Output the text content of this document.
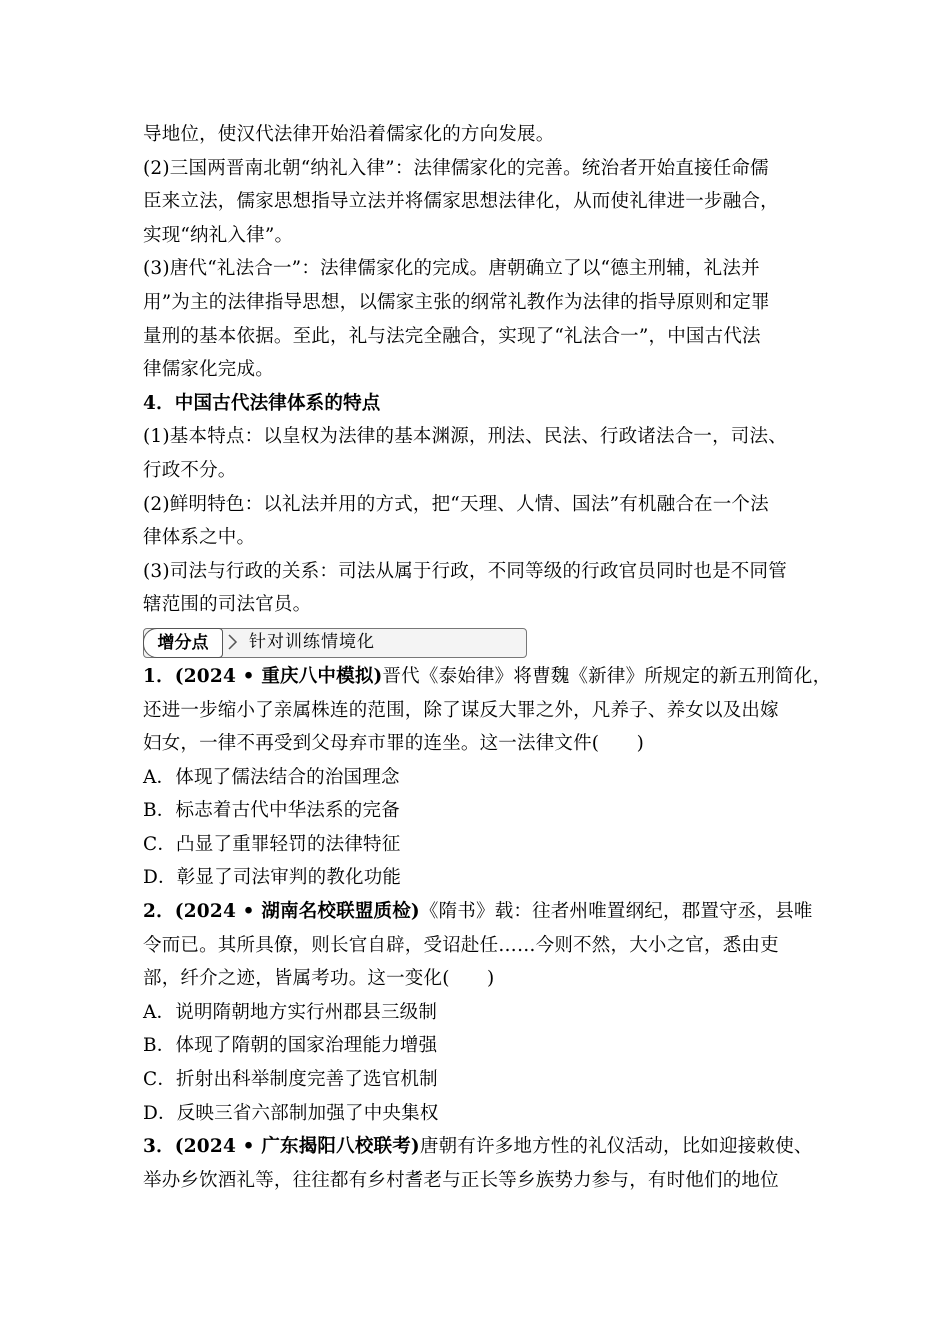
导地位，使汉代法律开始沿着儒家化的方向发展。
(2)三国两晋南北朝“纳礼入律”：法律儒家化的完善。统治者开始直接任命儒
臣来立法，儒家思想指导立法并将儒家思想法律化，从而使礼律进一步融合，
实现“纳礼入律”。
(3)唐代“礼法合一”：法律儒家化的完成。唐朝确立了以“德主刑辅，礼法并
用”为主的法律指导思想，以儒家主张的纲常礼教作为法律的指导原则和定罪
量刑的基本依据。至此，礼与法完全融合，实现了“礼法合一”，中国古代法
律儒家化完成。
4．中国古代法律体系的特点
(1)基本特点：以皇权为法律的基本渊源，刑法、民法、行政诸法合一，司法、
行政不分。
(2)鲜明特色：以礼法并用的方式，把“天理、人情、国法”有机融合在一个法
律体系之中。
(3)司法与行政的关系：司法从属于行政，不同等级的行政官员同时也是不同管
辖范围的司法官员。
增分点	针对训练情境化
1．(2024 • 重庆八中模拟)晋代《泰始律》将曹魏《新律》所规定的新五刑简化，
还进一步缩小了亲属株连的范围，除了谋反大罪之外，凡养子、养女以及出嫁
妇女，一律不再受到父母弃市罪的连坐。这一法律文件(　　)
A．体现了儒法结合的治国理念
B．标志着古代中华法系的完备
C．凸显了重罪轻罚的法律特征
D．彰显了司法审判的教化功能
2．(2024 • 湖南名校联盟质检)《隋书》载：往者州唯置纲纪，郡置守丞，县唯
令而已。其所具僚，则长官自辟，受诏赴任……今则不然，大小之官，悉由吏
部，纤介之迹，皆属考功。这一变化(　　)
A．说明隋朝地方实行州郡县三级制
B．体现了隋朝的国家治理能力增强
C．折射出科举制度完善了选官机制
D．反映三省六部制加强了中央集权
3．(2024 • 广东揭阳八校联考)唐朝有许多地方性的礼仪活动，比如迎接敕使、
举办乡饮酒礼等，往往都有乡村耆老与正长等乡族势力参与，有时他们的地位
